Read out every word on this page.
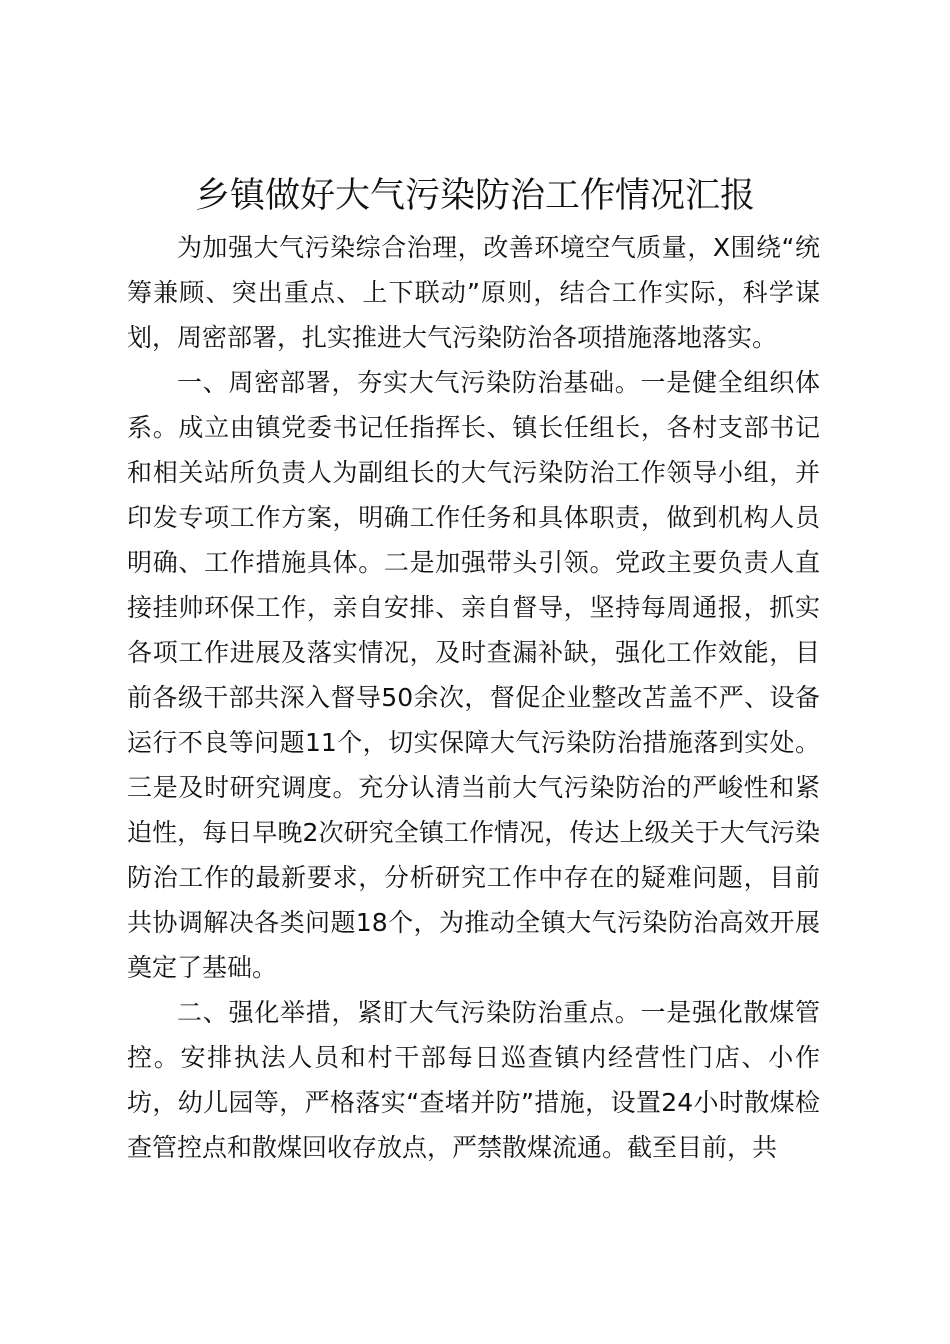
乡镇做好大气污染防治工作情况汇报

为加强大气污染综合治理，改善环境空气质量，X围绕“统筹兼顾、突出重点、上下联动”原则，结合工作实际，科学谋划，周密部署，扎实推进大气污染防治各项措施落地落实。

一、周密部署，夯实大气污染防治基础。一是健全组织体系。成立由镇党委书记任指挥长、镇长任组长，各村支部书记和相关站所负责人为副组长的大气污染防治工作领导小组，并印发专项工作方案，明确工作任务和具体职责，做到机构人员明确、工作措施具体。二是加强带头引领。党政主要负责人直接挂帅环保工作，亲自安排、亲自督导，坚持每周通报，抓实各项工作进展及落实情况，及时查漏补缺，强化工作效能，目前各级干部共深入督导50余次，督促企业整改苫盖不严、设备运行不良等问题11个，切实保障大气污染防治措施落到实处。三是及时研究调度。充分认清当前大气污染防治的严峻性和紧迫性，每日早晚2次研究全镇工作情况，传达上级关于大气污染防治工作的最新要求，分析研究工作中存在的疑难问题，目前共协调解决各类问题18个，为推动全镇大气污染防治高效开展奠定了基础。

二、强化举措，紧盯大气污染防治重点。一是强化散煤管控。安排执法人员和村干部每日巡查镇内经营性门店、小作坊，幼儿园等，严格落实“查堵并防”措施，设置24小时散煤检查管控点和散煤回收存放点，严禁散煤流通。截至目前，共
